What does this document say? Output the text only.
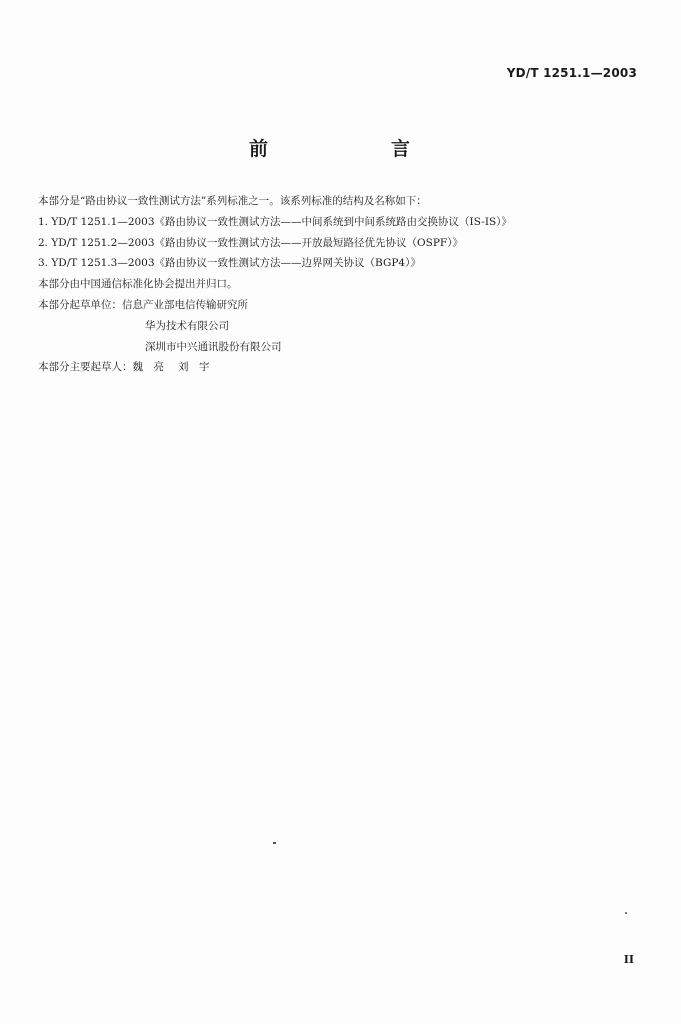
YD/T 1251.1—2003
前　言
本部分是“路由协议一致性测试方法”系列标准之一。该系列标准的结构及名称如下：
1. YD/T 1251.1—2003《路由协议一致性测试方法——中间系统到中间系统路由交换协议（IS-IS）》
2. YD/T 1251.2—2003《路由协议一致性测试方法——开放最短路径优先协议（OSPF）》
3. YD/T 1251.3—2003《路由协议一致性测试方法——边界网关协议（BGP4）》
本部分由中国通信标准化协会提出并归口。
本部分起草单位：信息产业部电信传输研究所
华为技术有限公司
深圳市中兴通讯股份有限公司
本部分主要起草人：魏　亮 刘　宇
II
